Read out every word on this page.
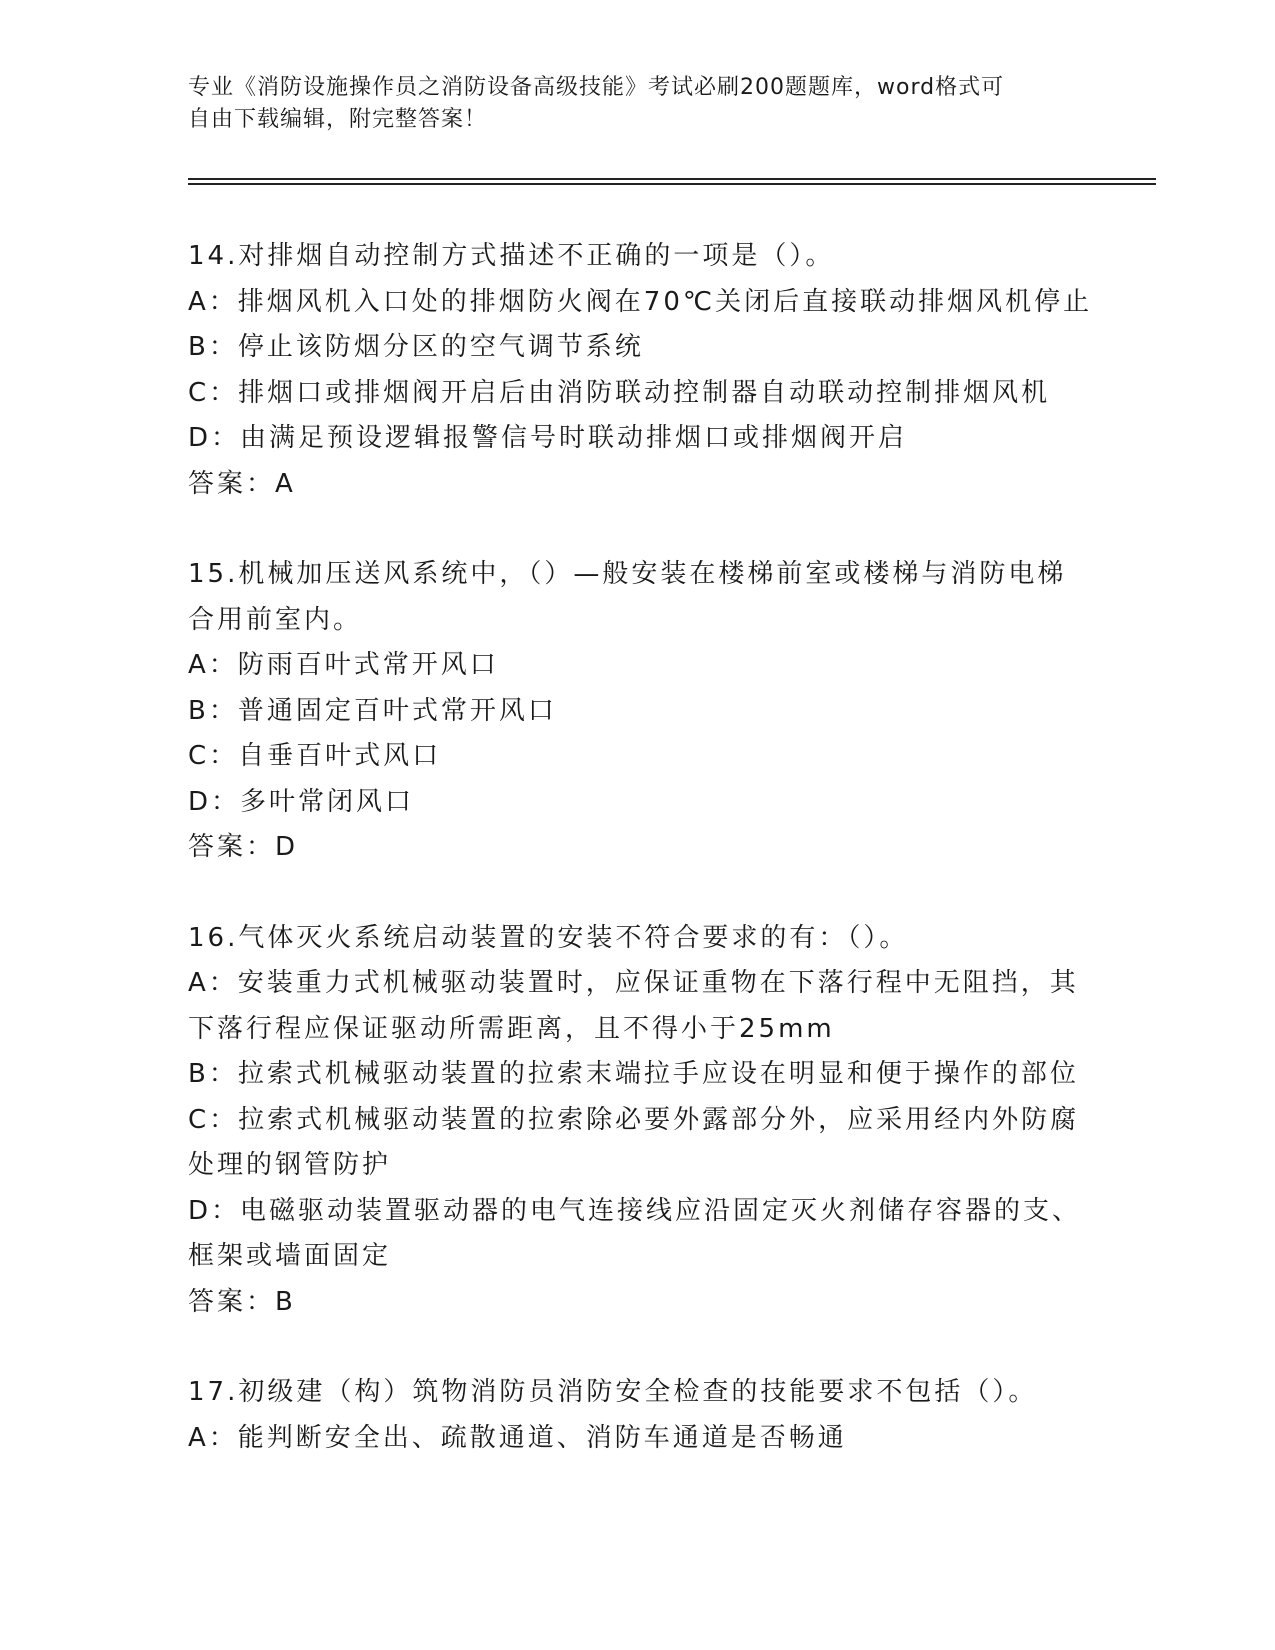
专业《消防设施操作员之消防设备高级技能》考试必刷200题题库，word格式可
自由下载编辑，附完整答案！

14.对排烟自动控制方式描述不正确的一项是（）。

A：排烟风机入口处的排烟防火阀在70℃关闭后直接联动排烟风机停止

B：停止该防烟分区的空气调节系统

C：排烟口或排烟阀开启后由消防联动控制器自动联动控制排烟风机

D：由满足预设逻辑报警信号时联动排烟口或排烟阀开启

答案：A

15.机械加压送风系统中，（）—般安装在楼梯前室或楼梯与消防电梯

合用前室内。

A：防雨百叶式常开风口

B：普通固定百叶式常开风口

C：自垂百叶式风口

D：多叶常闭风口

答案：D

16.气体灭火系统启动装置的安装不符合要求的有：（）。

A：安装重力式机械驱动装置时，应保证重物在下落行程中无阻挡，其

下落行程应保证驱动所需距离，且不得小于25mm

B：拉索式机械驱动装置的拉索末端拉手应设在明显和便于操作的部位

C：拉索式机械驱动装置的拉索除必要外露部分外，应采用经内外防腐

处理的钢管防护

D：电磁驱动装置驱动器的电气连接线应沿固定灭火剂储存容器的支、

框架或墙面固定

答案：B

17.初级建（构）筑物消防员消防安全检查的技能要求不包括（）。

A：能判断安全出、疏散通道、消防车通道是否畅通
